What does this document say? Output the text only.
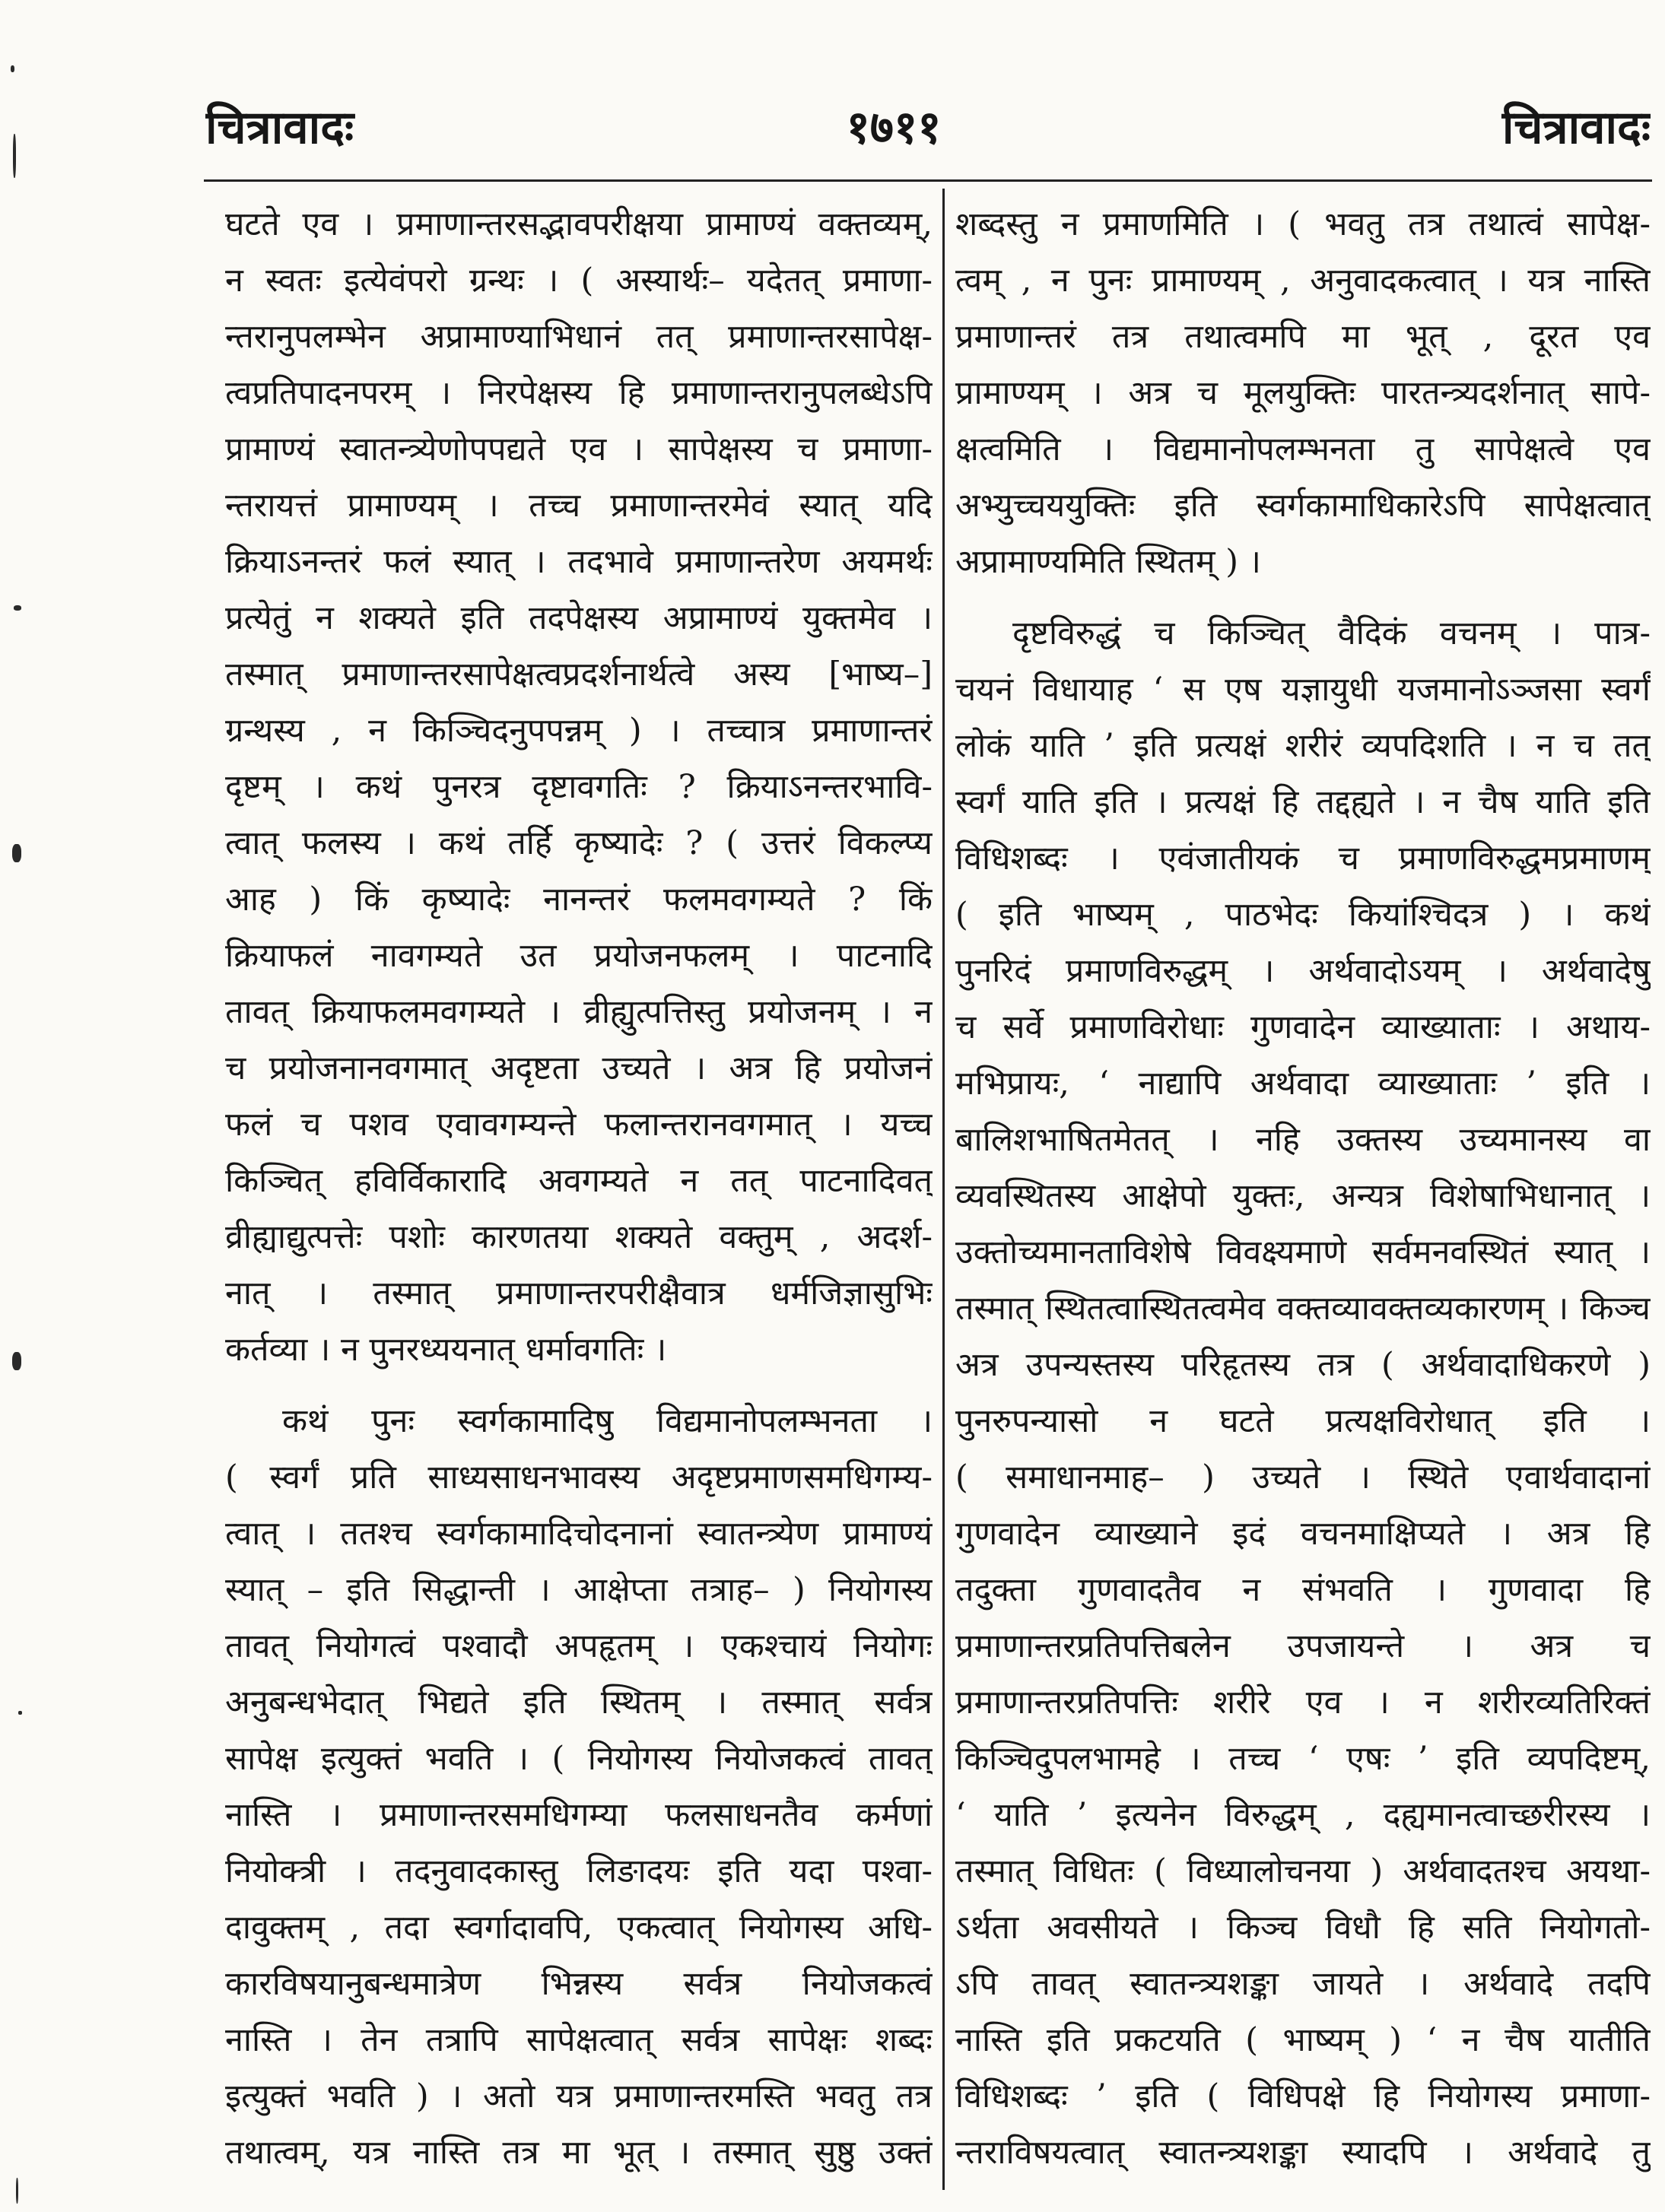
चित्रावादः	१७११	चित्रावादः
घटते एव । प्रमाणान्तरसद्भावपरीक्षया प्रामाण्यं वक्तव्यम्,
न स्वतः इत्येवंपरो ग्रन्थः । ( अस्यार्थः– यदेतत् प्रमाणा-
न्तरानुपलम्भेन अप्रामाण्याभिधानं तत् प्रमाणान्तरसापेक्ष-
त्वप्रतिपादनपरम् । निरपेक्षस्य हि प्रमाणान्तरानुपलब्धेऽपि
प्रामाण्यं स्वातन्त्र्येणोपपद्यते एव । सापेक्षस्य च प्रमाणा-
न्तरायत्तं प्रामाण्यम् । तच्च प्रमाणान्तरमेवं स्यात् यदि
क्रियाऽनन्तरं फलं स्यात् । तदभावे प्रमाणान्तरेण अयमर्थः
प्रत्येतुं न शक्यते इति तदपेक्षस्य अप्रामाण्यं युक्तमेव ।
तस्मात् प्रमाणान्तरसापेक्षत्वप्रदर्शनार्थत्वे अस्य [भाष्य–]
ग्रन्थस्य , न किञ्चिदनुपपन्नम् ) । तच्चात्र प्रमाणान्तरं
दृष्टम् । कथं पुनरत्र दृष्टावगतिः ? क्रियाऽनन्तरभावि-
त्वात् फलस्य । कथं तर्हि कृष्यादेः ? ( उत्तरं विकल्प्य
आह ) किं कृष्यादेः नानन्तरं फलमवगम्यते ? किं
क्रियाफलं नावगम्यते उत प्रयोजनफलम् । पाटनादि
तावत् क्रियाफलमवगम्यते । व्रीह्युत्पत्तिस्तु प्रयोजनम् । न
च प्रयोजनानवगमात् अदृष्टता उच्यते । अत्र हि प्रयोजनं
फलं च पशव एवावगम्यन्ते फलान्तरानवगमात् । यच्च
किञ्चित् हविर्विकारादि अवगम्यते न तत् पाटनादिवत्
व्रीह्याद्युत्पत्तेः पशोः कारणतया शक्यते वक्तुम् , अदर्श-
नात् । तस्मात् प्रमाणान्तरपरीक्षैवात्र धर्मजिज्ञासुभिः
कर्तव्या । न पुनरध्ययनात् धर्मावगतिः ।
कथं पुनः स्वर्गकामादिषु विद्यमानोपलम्भनता ।
( स्वर्गं प्रति साध्यसाधनभावस्य अदृष्टप्रमाणसमधिगम्य-
त्वात् । ततश्च स्वर्गकामादिचोदनानां स्वातन्त्र्येण प्रामाण्यं
स्यात् – इति सिद्धान्ती । आक्षेप्ता तत्राह– ) नियोगस्य
तावत् नियोगत्वं पश्वादौ अपहृतम् । एकश्चायं नियोगः
अनुबन्धभेदात् भिद्यते इति स्थितम् । तस्मात् सर्वत्र
सापेक्ष इत्युक्तं भवति । ( नियोगस्य नियोजकत्वं तावत्
नास्ति । प्रमाणान्तरसमधिगम्या फलसाधनतैव कर्मणां
नियोक्त्री । तदनुवादकास्तु लिङादयः इति यदा पश्वा-
दावुक्तम् , तदा स्वर्गादावपि, एकत्वात् नियोगस्य अधि-
कारविषयानुबन्धमात्रेण भिन्नस्य सर्वत्र नियोजकत्वं
नास्ति । तेन तत्रापि सापेक्षत्वात् सर्वत्र सापेक्षः शब्दः
इत्युक्तं भवति ) । अतो यत्र प्रमाणान्तरमस्ति भवतु तत्र
तथात्वम्, यत्र नास्ति तत्र मा भूत् । तस्मात् सुष्ठु उक्तं
शब्दस्तु न प्रमाणमिति । ( भवतु तत्र तथात्वं सापेक्ष-
त्वम् , न पुनः प्रामाण्यम् , अनुवादकत्वात् । यत्र नास्ति
प्रमाणान्तरं तत्र तथात्वमपि मा भूत् , दूरत एव
प्रामाण्यम् । अत्र च मूलयुक्तिः पारतन्त्र्यदर्शनात् सापे-
क्षत्वमिति । विद्यमानोपलम्भनता तु सापेक्षत्वे एव
अभ्युच्चययुक्तिः इति स्वर्गकामाधिकारेऽपि सापेक्षत्वात्
अप्रामाण्यमिति स्थितम् ) ।
दृष्टविरुद्धं च किञ्चित् वैदिकं वचनम् । पात्र-
चयनं विधायाह ‘ स एष यज्ञायुधी यजमानोऽञ्जसा स्वर्गं
लोकं याति ’ इति प्रत्यक्षं शरीरं व्यपदिशति । न च तत्
स्वर्गं याति इति । प्रत्यक्षं हि तद्दह्यते । न चैष याति इति
विधिशब्दः । एवंजातीयकं च प्रमाणविरुद्धमप्रमाणम्
( इति भाष्यम् , पाठभेदः कियांश्चिदत्र ) । कथं
पुनरिदं प्रमाणविरुद्धम् । अर्थवादोऽयम् । अर्थवादेषु
च सर्वे प्रमाणविरोधाः गुणवादेन व्याख्याताः । अथाय-
मभिप्रायः, ‘ नाद्यापि अर्थवादा व्याख्याताः ’ इति ।
बालिशभाषितमेतत् । नहि उक्तस्य उच्यमानस्य वा
व्यवस्थितस्य आक्षेपो युक्तः, अन्यत्र विशेषाभिधानात् ।
उक्तोच्यमानताविशेषे विवक्ष्यमाणे सर्वमनवस्थितं स्यात् ।
तस्मात् स्थितत्वास्थितत्वमेव वक्तव्यावक्तव्यकारणम् । किञ्च
अत्र उपन्यस्तस्य परिहृतस्य तत्र ( अर्थवादाधिकरणे )
पुनरुपन्यासो न घटते प्रत्यक्षविरोधात् इति ।
( समाधानमाह– ) उच्यते । स्थिते एवार्थवादानां
गुणवादेन व्याख्याने इदं वचनमाक्षिप्यते । अत्र हि
तदुक्ता गुणवादतैव न संभवति । गुणवादा हि
प्रमाणान्तरप्रतिपत्तिबलेन उपजायन्ते । अत्र च
प्रमाणान्तरप्रतिपत्तिः शरीरे एव । न शरीरव्यतिरिक्तं
किञ्चिदुपलभामहे । तच्च ‘ एषः ’ इति व्यपदिष्टम्,
‘ याति ’ इत्यनेन विरुद्धम् , दह्यमानत्वाच्छरीरस्य ।
तस्मात् विधितः ( विध्यालोचनया ) अर्थवादतश्च अयथा-
ऽर्थता अवसीयते । किञ्च विधौ हि सति नियोगतो-
ऽपि तावत् स्वातन्त्र्यशङ्का जायते । अर्थवादे तदपि
नास्ति इति प्रकटयति ( भाष्यम् ) ‘ न चैष यातीति
विधिशब्दः ’ इति ( विधिपक्षे हि नियोगस्य प्रमाणा-
न्तराविषयत्वात् स्वातन्त्र्यशङ्का स्यादपि । अर्थवादे तु
